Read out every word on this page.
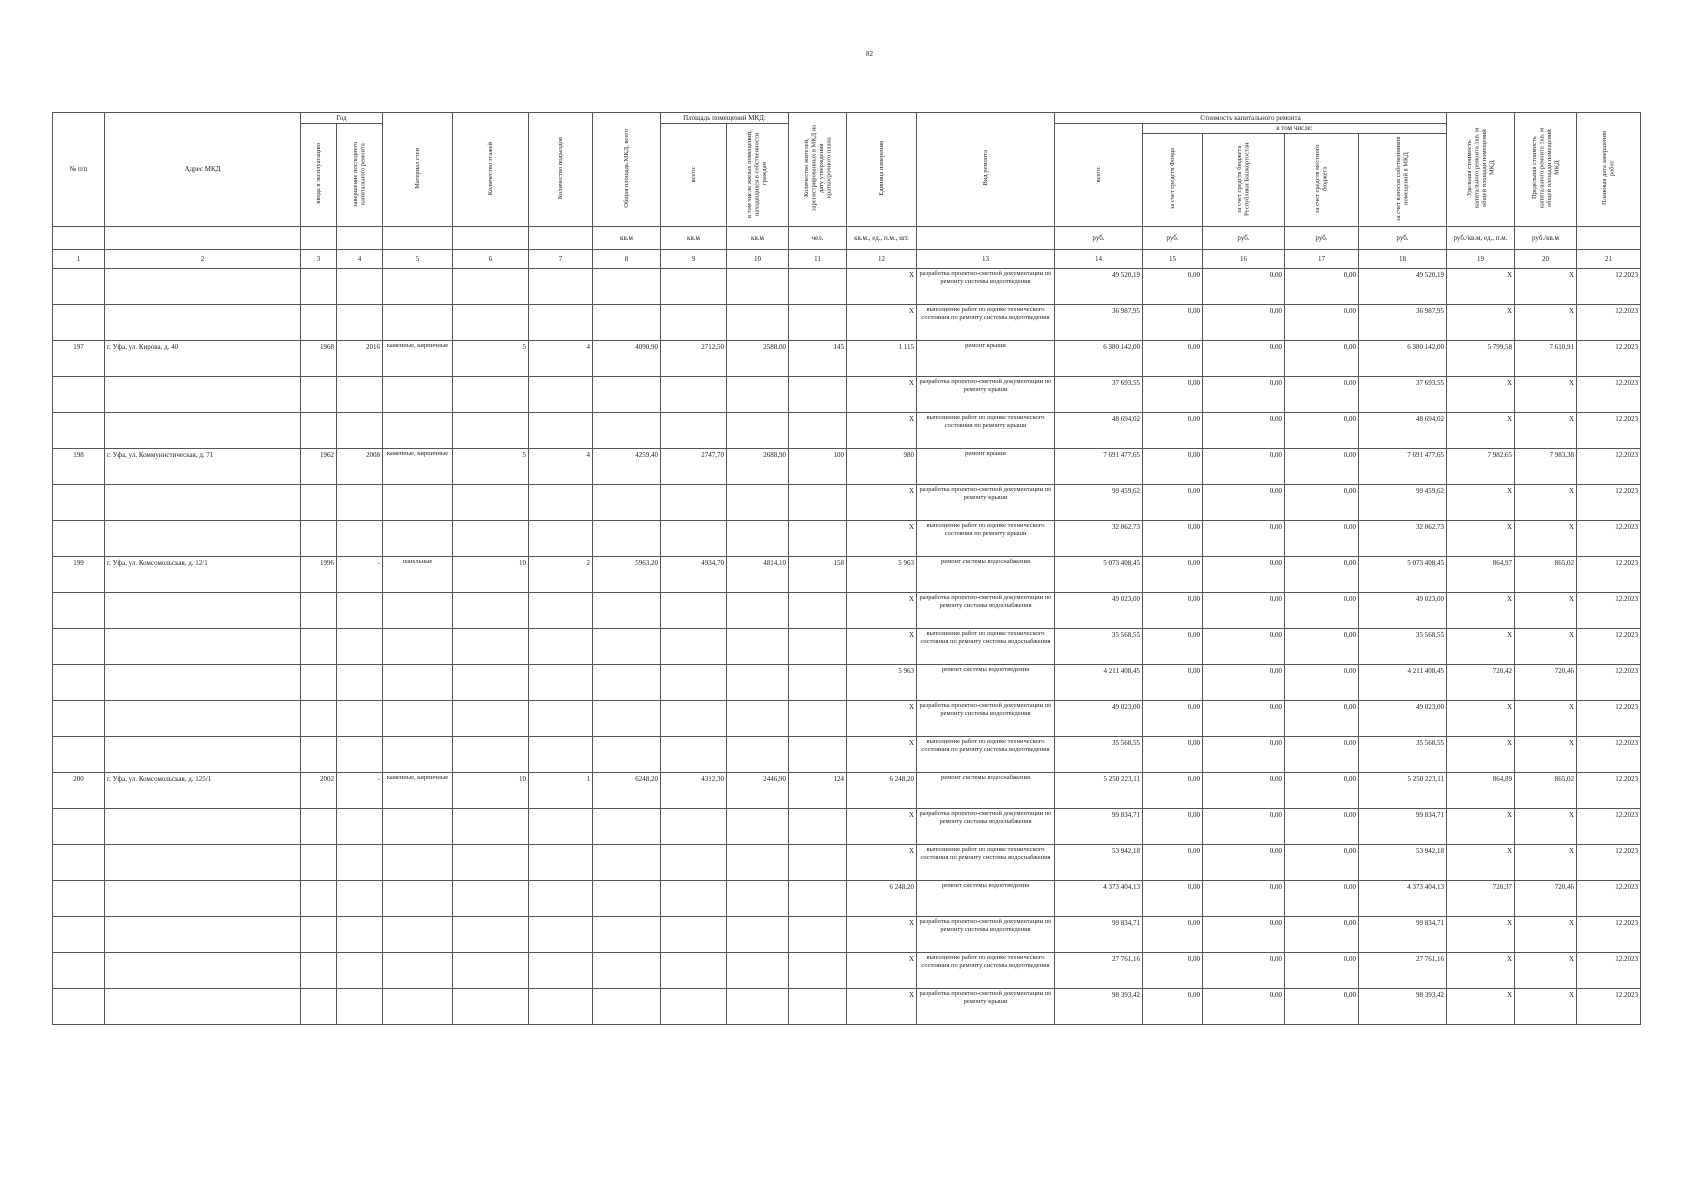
82
№ п/п	Адрес МКД	Год		Материал стен	Количество этажей	Количество подъездов	Общая площадь МКД, всего	Площадь помещений МКД:		Количество жителей, зарегистрированных в МКД на дату утверждения краткосрочного плана	Единица измерения	Вид ремонта	Стоимость капитального ремонта					Удельная стоимость капитального ремонта 1кв. м общей площади помещений МКД	Предельная стоимость капитального ремонта 1кв. м общей площади помещений МКД	Плановая дата завершения работ
		ввода в эксплуатацию	завершение последнего капитального ремонта					всего:	в том числе жилых помещений, находящихся в собственности граждан				всего:	в том числе:						
														за счет средств Фонда	за счет средств бюджета Республики Башкортостан	за счет средств местного бюджета	за счет взносов собственников помещений в МКД			
							кв.м	кв.м	кв.м	чел.	кв.м., ед., п.м., шт.		руб.	руб.	руб.	руб.	руб.	руб./кв.м, ед., п.м.	руб./кв.м	
1	2	3	4	5	6	7	8	9	10	11	12	13	14	15	16	17	18	19	20	21
											X	разработка проектно-сметной документации по ремонту системы водоотведения	49 520,19	0,00	0,00	0,00	49 520,19	X	X	12.2023
											X	выполнение работ по оценке технического состояния по ремонту системы водоотведения	36 987,95	0,00	0,00	0,00	36 987,95	X	X	12.2023
197	г. Уфа, ул. Кирова, д. 40	1968	2016	каменные, кирпичные	5	4	4090,90	2712,50	2588,00	145	1 115	ремонт крыши	6 380 142,00	0,00	0,00	0,00	6 380 142,00	5 799,58	7 610,91	12.2023
											X	разработка проектно-сметной документации по ремонту крыши	37 693,55	0,00	0,00	0,00	37 693,55	X	X	12.2023
											X	выполнение работ по оценке технического состояния по ремонту крыши	48 694,02	0,00	0,00	0,00	48 694,02	X	X	12.2023
198	г. Уфа, ул. Коммунистическая, д. 71	1962	2008	каменные, кирпичные	5	4	4259,40	2747,70	2688,90	100	980	ремонт крыши	7 691 477,65	0,00	0,00	0,00	7 691 477,65	7 982,65	7 983,38	12.2023
											X	разработка проектно-сметной документации по ремонту крыши	99 459,62	0,00	0,00	0,00	99 459,62	X	X	12.2023
											X	выполнение работ по оценке технического состояния по ремонту крыши	32 062,73	0,00	0,00	0,00	32 062,73	X	X	12.2023
199	г. Уфа, ул. Комсомольская, д. 12/1	1996	-	панельные	10	2	5963,20	4934,70	4814,10	158	5 963	ремонт системы водоснабжения	5 073 408,45	0,00	0,00	0,00	5 073 408,45	864,97	865,02	12.2023
											X	разработка проектно-сметной документации по ремонту системы водоснабжения	49 023,00	0,00	0,00	0,00	49 023,00	X	X	12.2023
											X	выполнение работ по оценке технического состояния по ремонту системы водоснабжения	35 568,55	0,00	0,00	0,00	35 568,55	X	X	12.2023
											5 963	ремонт системы водоотведения	4 211 408,45	0,00	0,00	0,00	4 211 408,45	720,42	720,46	12.2023
											X	разработка проектно-сметной документации по ремонту системы водоотведения	49 023,00	0,00	0,00	0,00	49 023,00	X	X	12.2023
											X	выполнение работ по оценке технического состояния по ремонту системы водоотведения	35 568,55	0,00	0,00	0,00	35 568,55	X	X	12.2023
200	г. Уфа, ул. Комсомольская, д. 125/1	2002	-	каменные, кирпичные	10	1	6248,20	4312,30	2446,90	124	6 248,20	ремонт системы водоснабжения	5 250 223,11	0,00	0,00	0,00	5 250 223,11	864,89	865,02	12.2023
											X	разработка проектно-сметной документации по ремонту системы водоснабжения	99 834,71	0,00	0,00	0,00	99 834,71	X	X	12.2023
											X	выполнение работ по оценке технического состояния по ремонту системы водоснабжения	53 942,18	0,00	0,00	0,00	53 942,18	X	X	12.2023
											6 248,20	ремонт системы водоотведения	4 373 404,13	0,00	0,00	0,00	4 373 404,13	720,37	720,46	12.2023
											X	разработка проектно-сметной документации по ремонту системы водоотведения	99 834,71	0,00	0,00	0,00	99 834,71	X	X	12.2023
											X	выполнение работ по оценке технического состояния по ремонту системы водоотведения	27 761,16	0,00	0,00	0,00	27 761,16	X	X	12.2023
											X	разработка проектно-сметной документации по ремонту крыши	98 393,42	0,00	0,00	0,00	98 393,42	X	X	12.2023
